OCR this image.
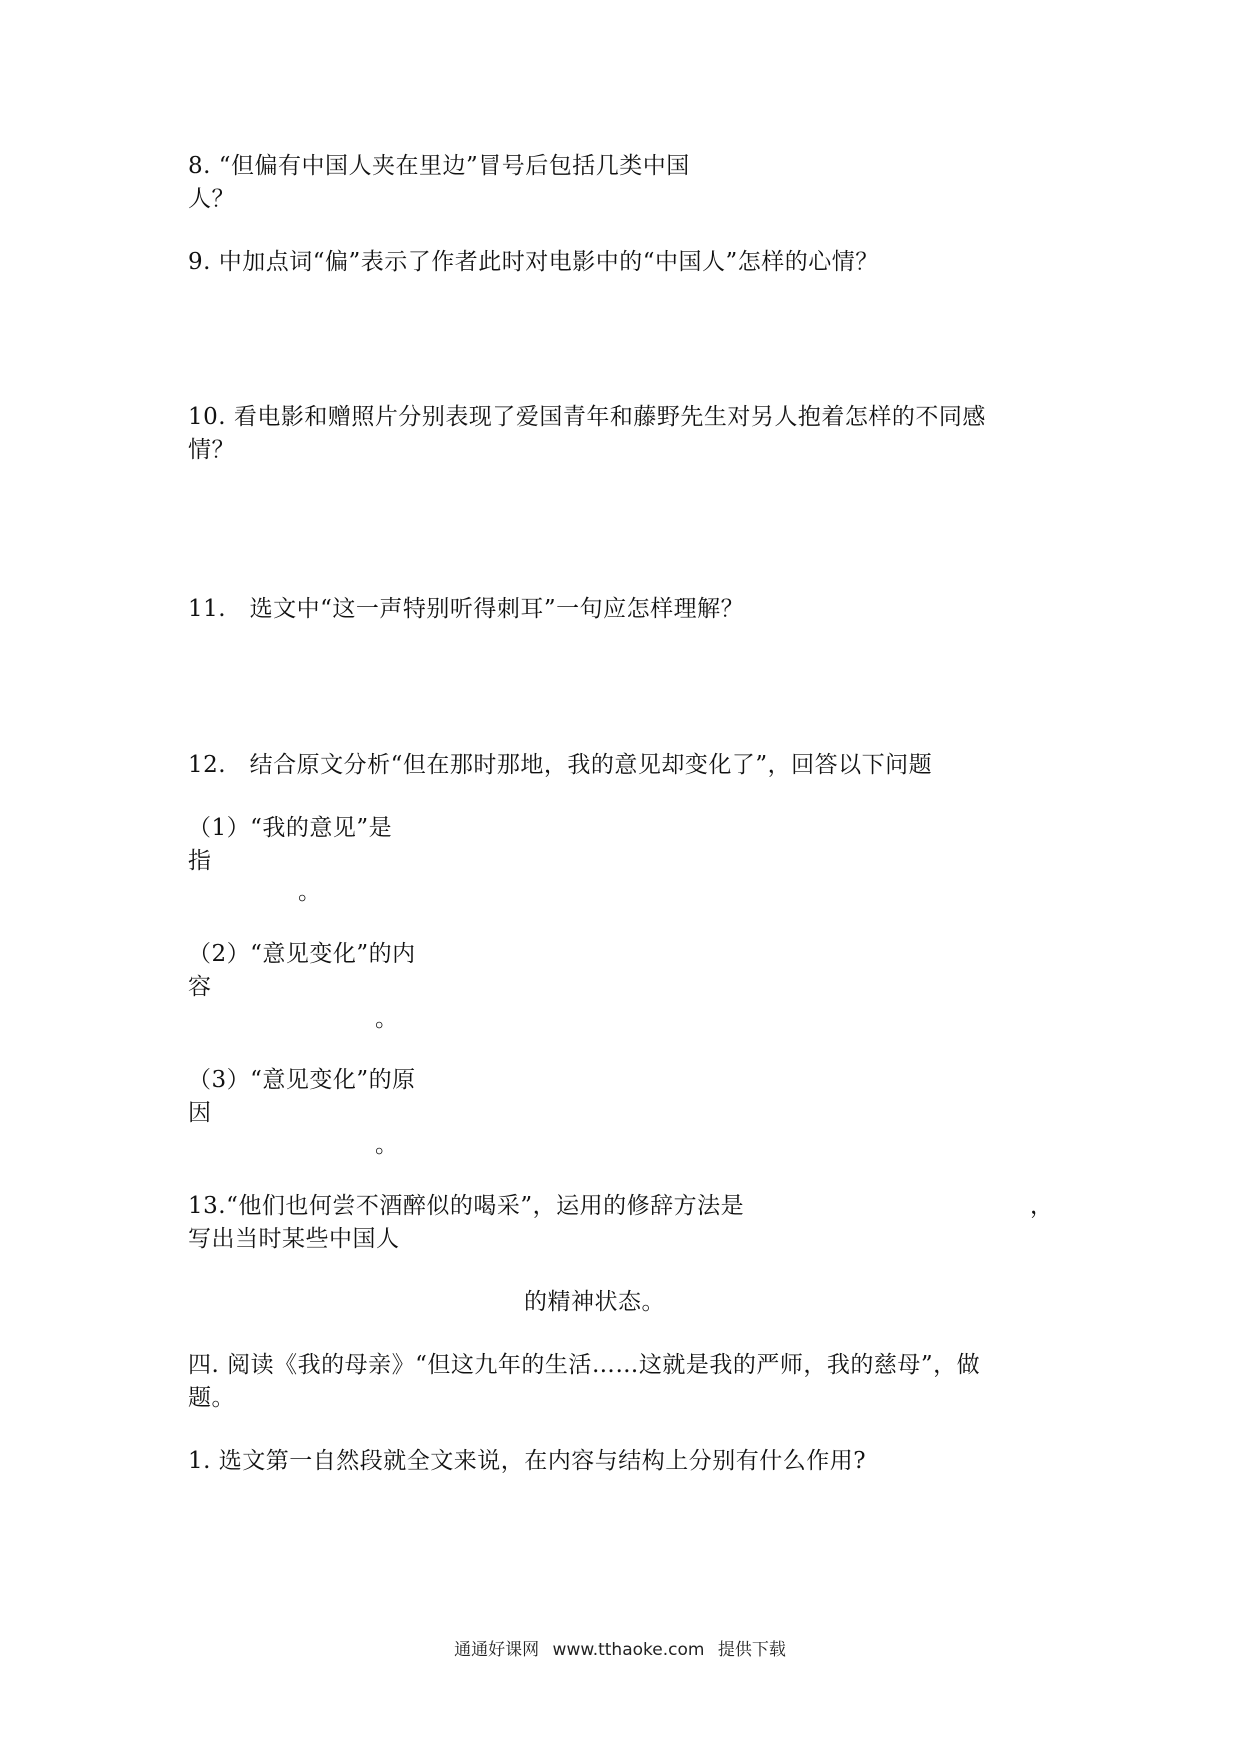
8. “但偏有中国人夹在里边”冒号后包括几类中国
人？
9. 中加点词“偏”表示了作者此时对电影中的“中国人”怎样的心情？
10. 看电影和赠照片分别表现了爱国青年和藤野先生对另人抱着怎样的不同感
情？
11.　选文中“这一声特别听得刺耳”一句应怎样理解？
12.　结合原文分析“但在那时那地，我的意见却变化了”，回答以下问题
（1）“我的意见”是
指
。
（2）“意见变化”的内
容
。
（3）“意见变化”的原
因
。
13.“他们也何尝不酒醉似的喝采”，运用的修辞方法是	，
写出当时某些中国人
的精神状态。
四. 阅读《我的母亲》“但这九年的生活……这就是我的严师，我的慈母”，做
题。
1. 选文第一自然段就全文来说，在内容与结构上分别有什么作用?
通通好课网 www.tthaoke.com 提供下载
